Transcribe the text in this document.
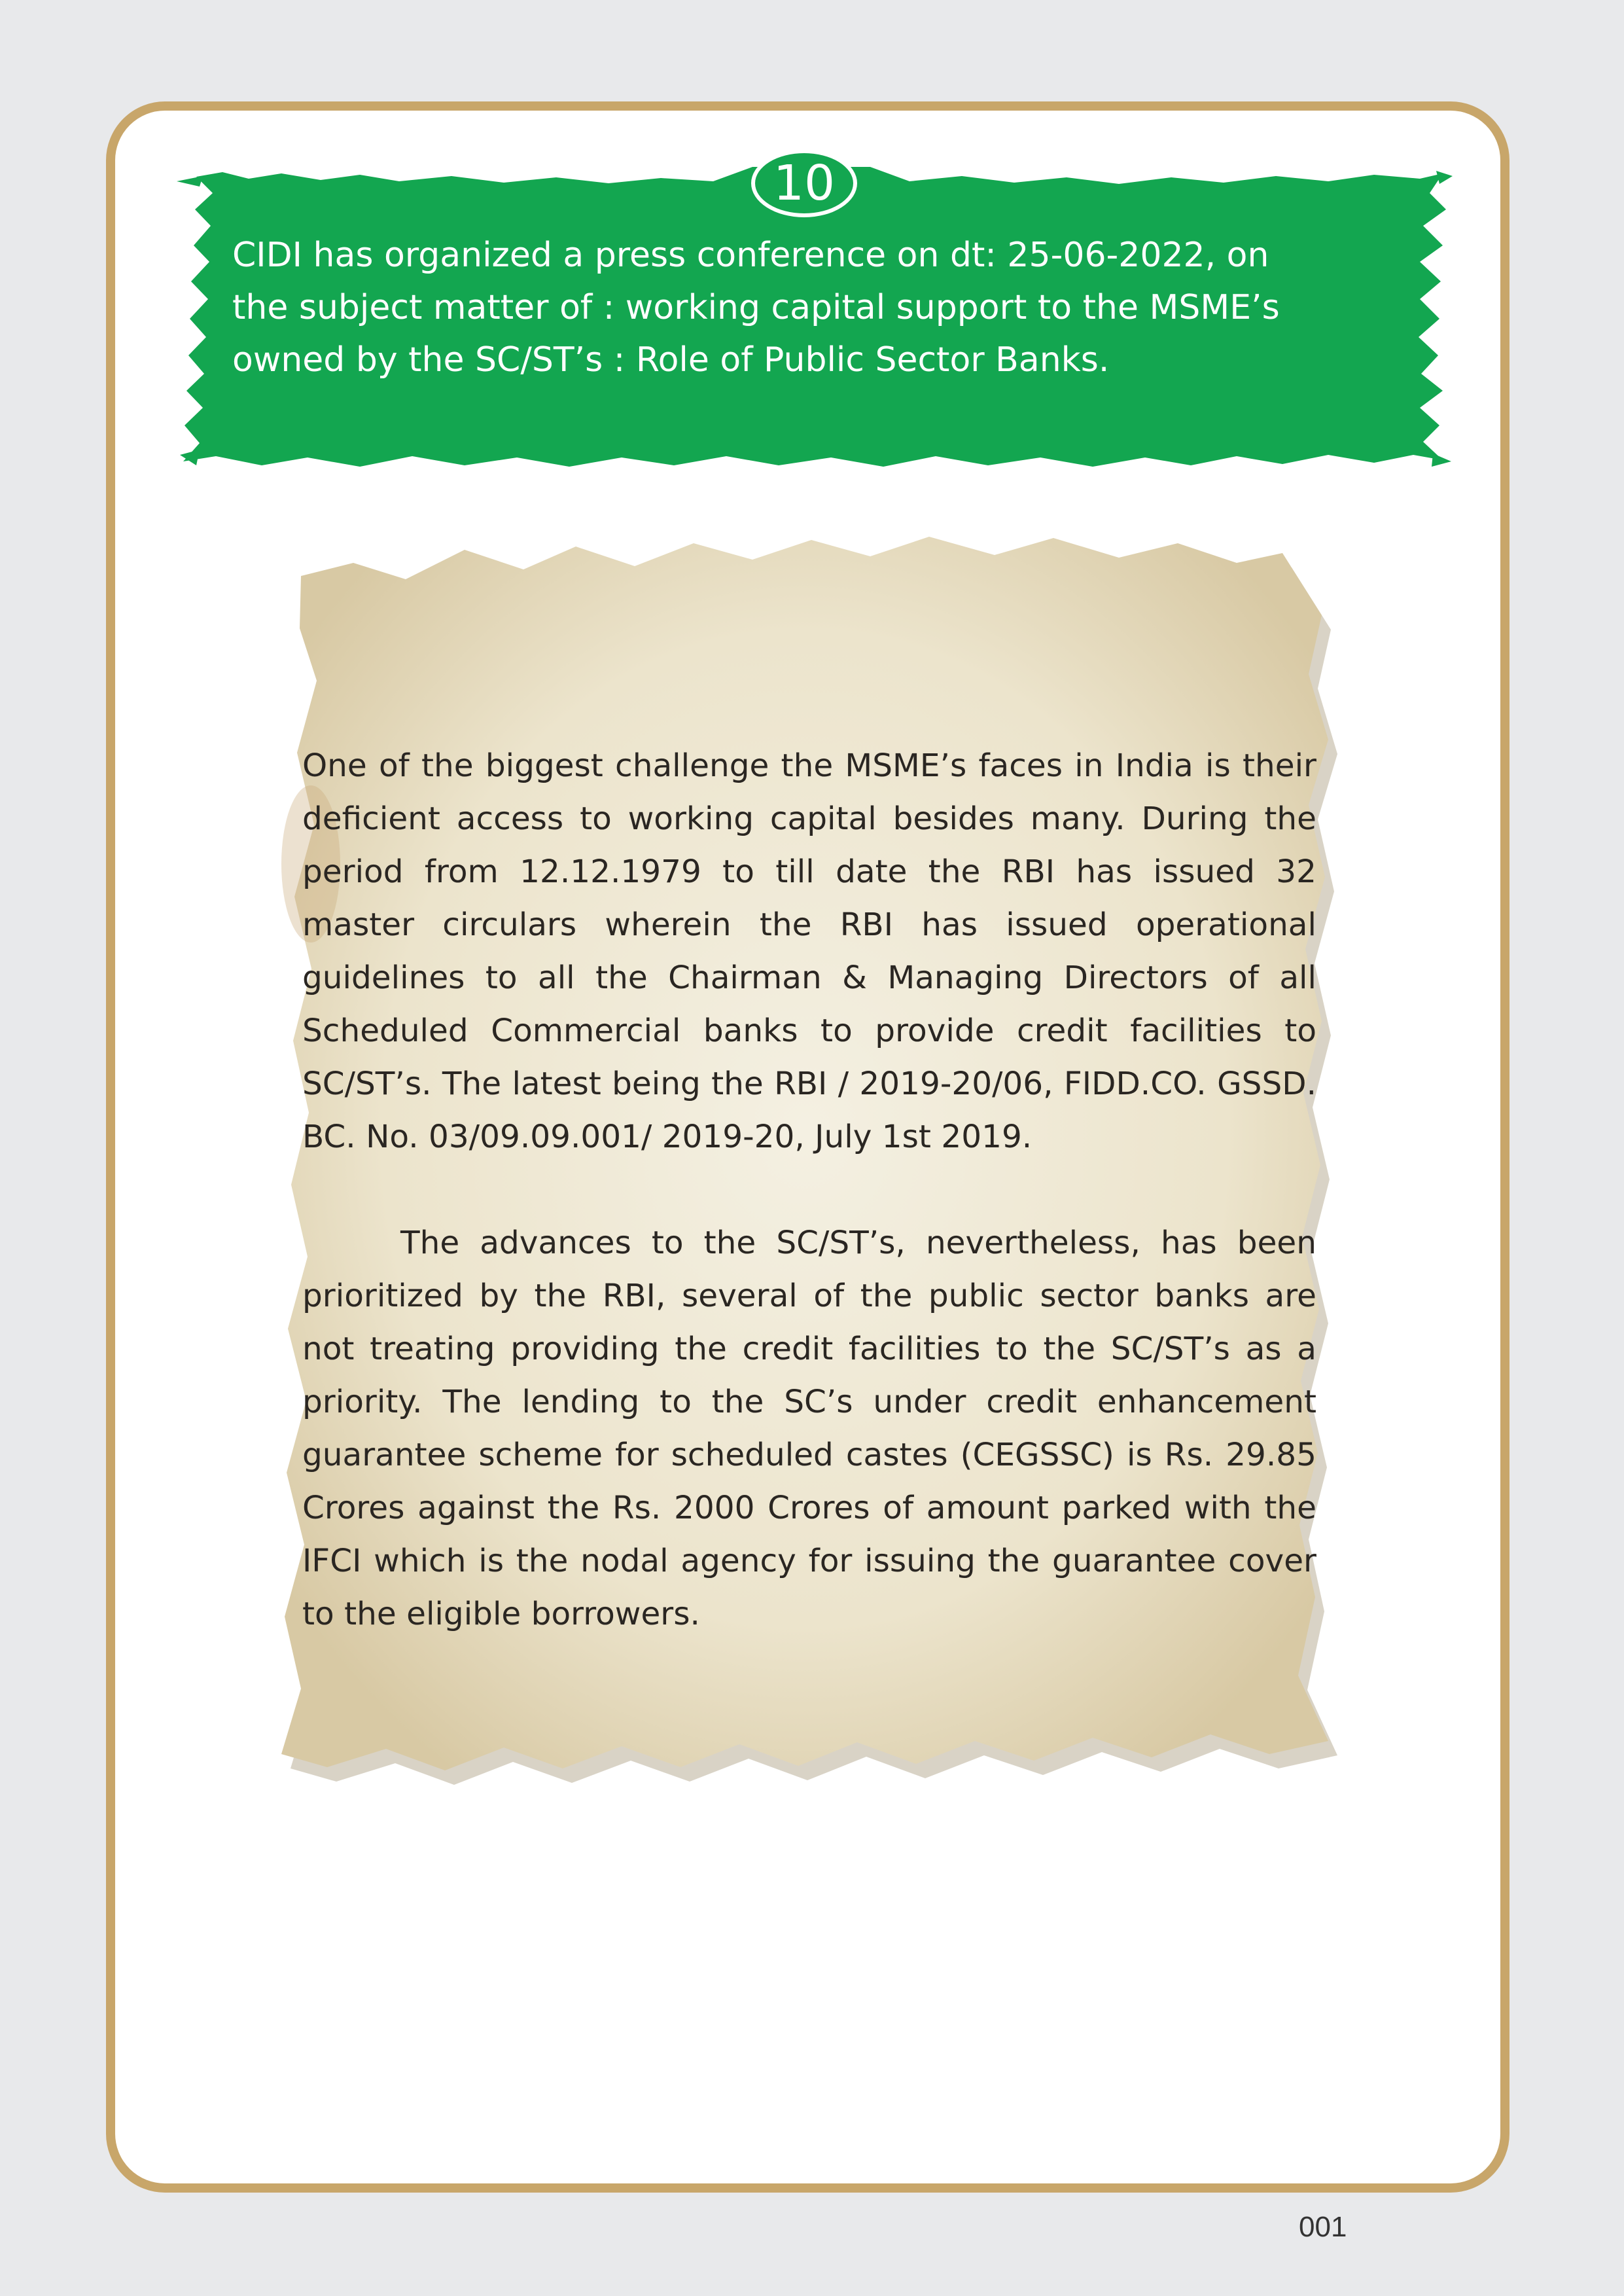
10
CIDI has organized a press conference on dt: 25-06-2022, on
the subject matter of : working capital support to the MSME’s
owned by the SC/ST’s : Role of Public Sector Banks.

One of the biggest challenge the MSME’s faces in India is their deficient access to working capital besides many. During the period from 12.12.1979 to till date the RBI has issued 32 master circulars wherein the RBI has issued operational guidelines to all the Chairman & Managing Directors of all Scheduled Commercial banks to provide credit facilities to SC/ST’s. The latest being the RBI / 2019-20/06, FIDD.CO. GSSD. BC. No. 03/09.09.001/ 2019-20, July 1st 2019.

The advances to the SC/ST’s, nevertheless, has been prioritized by the RBI, several of the public sector banks are not treating providing the credit facilities to the SC/ST’s as a priority. The lending to the SC’s under credit enhancement guarantee scheme for scheduled castes (CEGSSC) is Rs. 29.85 Crores against the Rs. 2000 Crores of amount parked with the IFCI which is the nodal agency for issuing the guarantee cover to the eligible borrowers.

001
